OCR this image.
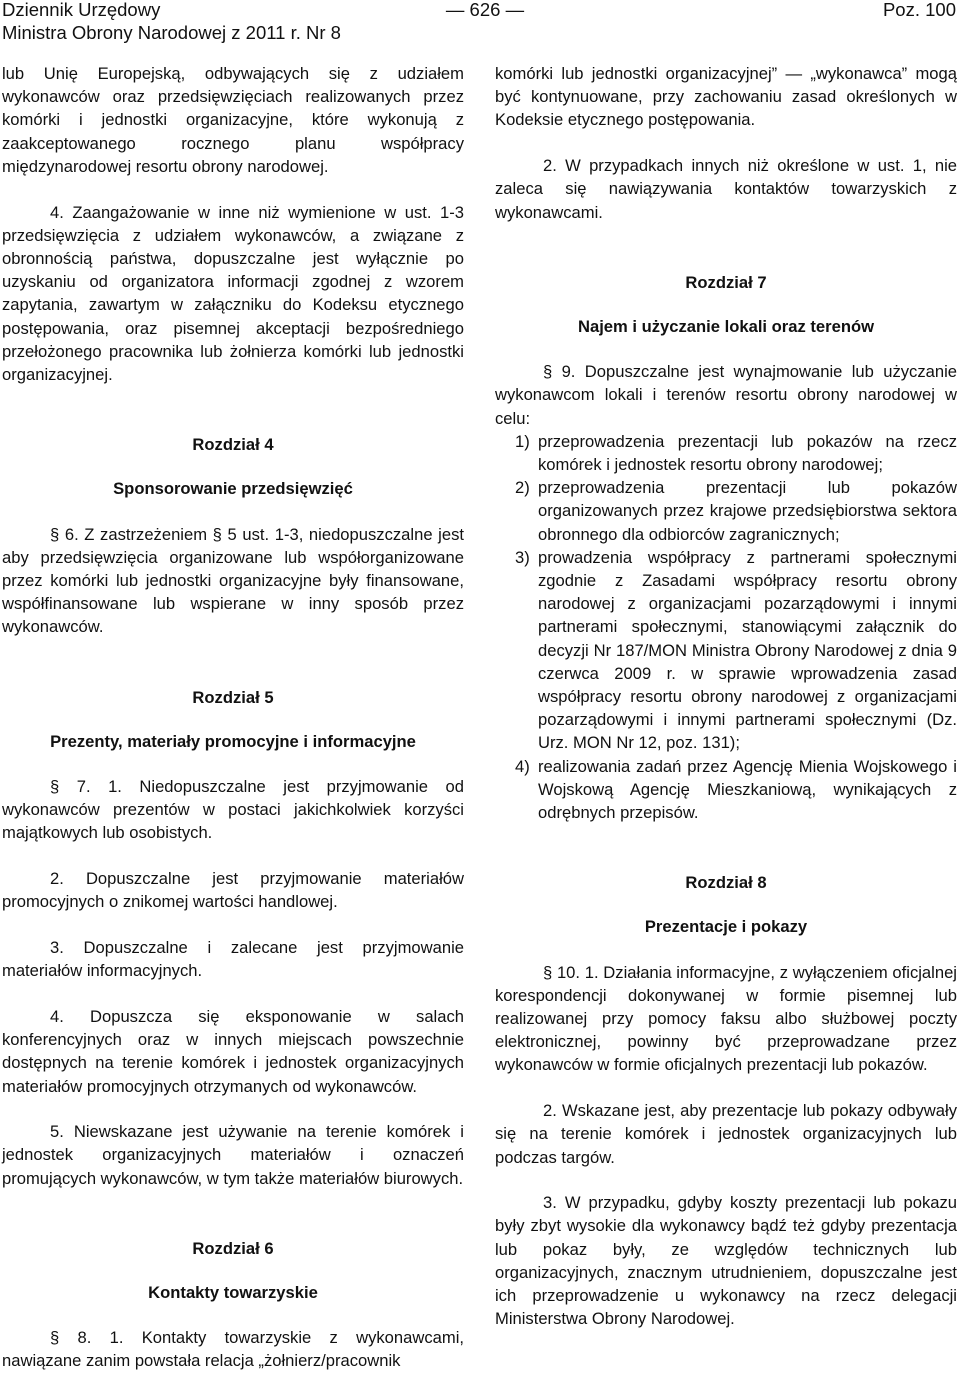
Dziennik Urzędowy
Ministra Obrony Narodowej z 2011 r. Nr 8
— 626 —	Poz. 100

lub Unię Europejską, odbywających się z udziałem wykonawców oraz przedsięwzięciach realizowanych przez komórki i jednostki organizacyjne, które wykonują z zaakceptowanego rocznego planu współpracy międzynarodowej resortu obrony narodowej.

4. Zaangażowanie w inne niż wymienione w ust. 1-3 przedsięwzięcia z udziałem wykonawców, a związane z obronnością państwa, dopuszczalne jest wyłącznie po uzyskaniu od organizatora informacji zgodnej z wzorem zapytania, zawartym w załączniku do Kodeksu etycznego postępowania, oraz pisemnej akceptacji bezpośredniego przełożonego pracownika lub żołnierza komórki lub jednostki organizacyjnej.

Rozdział 4
Sponsorowanie przedsięwzięć

§ 6. Z zastrzeżeniem § 5 ust. 1-3, niedopuszczalne jest aby przedsięwzięcia organizowane lub współorganizowane przez komórki lub jednostki organizacyjne były finansowane, współfinansowane lub wspierane w inny sposób przez wykonawców.

Rozdział 5
Prezenty, materiały promocyjne i informacyjne

§ 7. 1. Niedopuszczalne jest przyjmowanie od wykonawców prezentów w postaci jakichkolwiek korzyści majątkowych lub osobistych.

2. Dopuszczalne jest przyjmowanie materiałów promocyjnych o znikomej wartości handlowej.

3. Dopuszczalne i zalecane jest przyjmowanie materiałów informacyjnych.

4. Dopuszcza się eksponowanie w salach konferencyjnych oraz w innych miejscach powszechnie dostępnych na terenie komórek i jednostek organizacyjnych materiałów promocyjnych otrzymanych od wykonawców.

5. Niewskazane jest używanie na terenie komórek i jednostek organizacyjnych materiałów i oznaczeń promujących wykonawców, w tym także materiałów biurowych.

Rozdział 6
Kontakty towarzyskie

§ 8. 1. Kontakty towarzyskie z wykonawcami, nawiązane zanim powstała relacja „żołnierz/pracownik

komórki lub jednostki organizacyjnej” — „wykonawca” mogą być kontynuowane, przy zachowaniu zasad określonych w Kodeksie etycznego postępowania.

2. W przypadkach innych niż określone w ust. 1, nie zaleca się nawiązywania kontaktów towarzyskich z wykonawcami.

Rozdział 7
Najem i użyczanie lokali oraz terenów

§ 9. Dopuszczalne jest wynajmowanie lub użyczanie wykonawcom lokali i terenów resortu obrony narodowej w celu:

1) przeprowadzenia prezentacji lub pokazów na rzecz komórek i jednostek resortu obrony narodowej;
2) przeprowadzenia prezentacji lub pokazów organizowanych przez krajowe przedsiębiorstwa sektora obronnego dla odbiorców zagranicznych;
3) prowadzenia współpracy z partnerami społecznymi zgodnie z Zasadami współpracy resortu obrony narodowej z organizacjami pozarządowymi i innymi partnerami społecznymi, stanowiącymi załącznik do decyzji Nr 187/MON Ministra Obrony Narodowej z dnia 9 czerwca 2009 r. w sprawie wprowadzenia zasad współpracy resortu obrony narodowej z organizacjami pozarządowymi i innymi partnerami społecznymi (Dz. Urz. MON Nr 12, poz. 131);
4) realizowania zadań przez Agencję Mienia Wojskowego i Wojskową Agencję Mieszkaniową, wynikających z odrębnych przepisów.
Rozdział 8
Prezentacje i pokazy

§ 10. 1. Działania informacyjne, z wyłączeniem oficjalnej korespondencji dokonywanej w formie pisemnej lub realizowanej przy pomocy faksu albo służbowej poczty elektronicznej, powinny być przeprowadzane przez wykonawców w formie oficjalnych prezentacji lub pokazów.

2. Wskazane jest, aby prezentacje lub pokazy odbywały się na terenie komórek i jednostek organizacyjnych lub podczas targów.

3. W przypadku, gdyby koszty prezentacji lub pokazu były zbyt wysokie dla wykonawcy bądź też gdyby prezentacja lub pokaz były, ze względów technicznych lub organizacyjnych, znacznym utrudnieniem, dopuszczalne jest ich przeprowadzenie u wykonawcy na rzecz delegacji Ministerstwa Obrony Narodowej.
